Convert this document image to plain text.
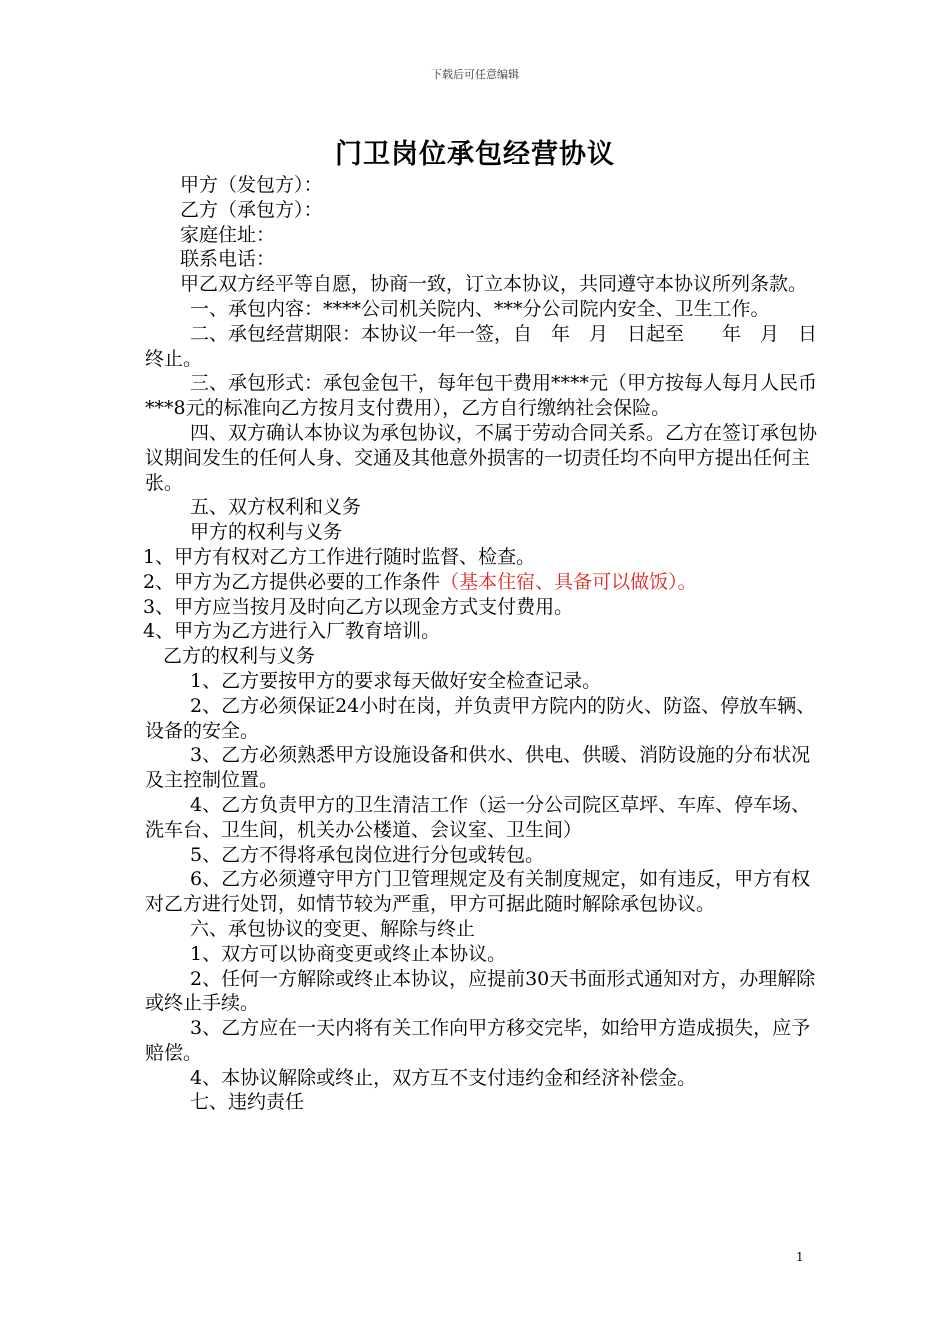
下载后可任意编辑
门卫岗位承包经营协议

甲方（发包方）：

乙方（承包方）：

家庭住址：

联系电话：

甲乙双方经平等自愿，协商一致，订立本协议，共同遵守本协议所列条款。

一、承包内容：****公司机关院内、***分公司院内安全、卫生工作。

二、承包经营期限：本协议一年一签，自　年　月　日起至　　年　月　日终止。

三、承包形式：承包金包干，每年包干费用****元（甲方按每人每月人民币***8元的标准向乙方按月支付费用），乙方自行缴纳社会保险。

四、双方确认本协议为承包协议，不属于劳动合同关系。乙方在签订承包协议期间发生的任何人身、交通及其他意外损害的一切责任均不向甲方提出任何主张。

五、双方权利和义务

甲方的权利与义务

1、甲方有权对乙方工作进行随时监督、检查。

2、甲方为乙方提供必要的工作条件（基本住宿、具备可以做饭）。

3、甲方应当按月及时向乙方以现金方式支付费用。

4、甲方为乙方进行入厂教育培训。

乙方的权利与义务

1、乙方要按甲方的要求每天做好安全检查记录。

2、乙方必须保证24小时在岗，并负责甲方院内的防火、防盗、停放车辆、设备的安全。

3、乙方必须熟悉甲方设施设备和供水、供电、供暖、消防设施的分布状况及主控制位置。

4、乙方负责甲方的卫生清洁工作（运一分公司院区草坪、车库、停车场、洗车台、卫生间，机关办公楼道、会议室、卫生间）

5、乙方不得将承包岗位进行分包或转包。

6、乙方必须遵守甲方门卫管理规定及有关制度规定，如有违反，甲方有权对乙方进行处罚，如情节较为严重，甲方可据此随时解除承包协议。

六、承包协议的变更、解除与终止

1、双方可以协商变更或终止本协议。

2、任何一方解除或终止本协议，应提前30天书面形式通知对方，办理解除或终止手续。

3、乙方应在一天内将有关工作向甲方移交完毕，如给甲方造成损失，应予赔偿。

4、本协议解除或终止，双方互不支付违约金和经济补偿金。

七、违约责任

1
